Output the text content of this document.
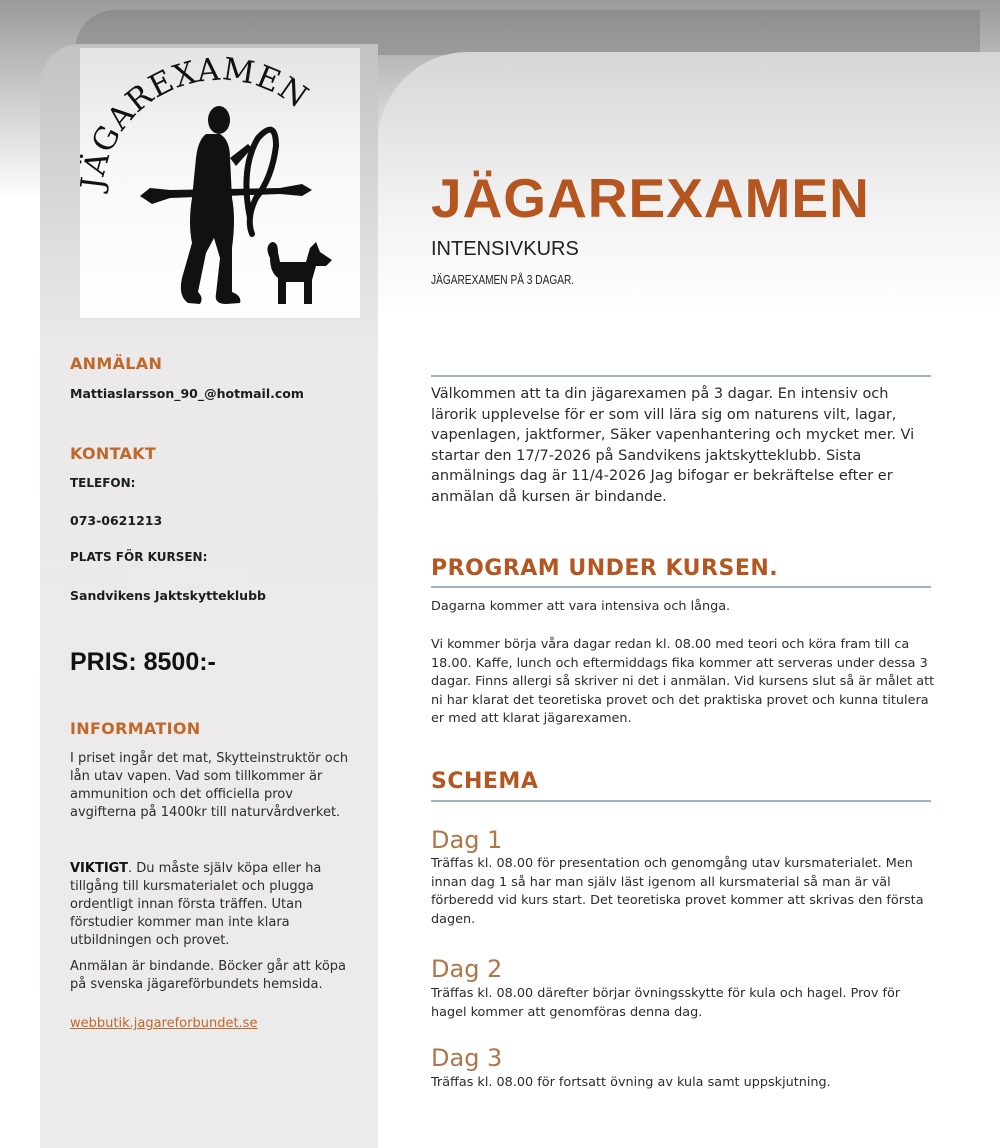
ÄGAREXAMEN
ANMÄLAN
Mattiaslarsson_90_@hotmail.com
KONTAKT
TELEFON:
073-0621213
PLATS FÖR KURSEN:
Sandvikens Jaktskytteklubb
PRIS: 8500:-
INFORMATION
I priset ingår det mat, Skytteinstruktör och lån utav vapen. Vad som tillkommer är ammunition och det officiella prov avgifterna på 1400kr till naturvårdverket.
VIKTIGT. Du måste själv köpa eller ha tillgång till kursmaterialet och plugga ordentligt innan första träffen. Utan förstudier kommer man inte klara utbildningen och provet.
Anmälan är bindande. Böcker går att köpa på svenska jägareförbundets hemsida.
webbutik.jagareforbundet.se
JÄGAREXAMEN
INTENSIVKURS
JÄGAREXAMEN PÅ 3 DAGAR.
Välkommen att ta din jägarexamen på 3 dagar. En intensiv och lärorik upplevelse för er som vill lära sig om naturens vilt, lagar, vapenlagen, jaktformer, Säker vapenhantering och mycket mer. Vi startar den 17/7-2026 på Sandvikens jaktskytteklubb. Sista anmälnings dag är 11/4-2026 Jag bifogar er bekräftelse efter er anmälan då kursen är bindande.
PROGRAM UNDER KURSEN.
Dagarna kommer att vara intensiva och långa.
Vi kommer börja våra dagar redan kl. 08.00 med teori och köra fram till ca 18.00. Kaffe, lunch och eftermiddags fika kommer att serveras under dessa 3 dagar. Finns allergi så skriver ni det i anmälan. Vid kursens slut så är målet att ni har klarat det teoretiska provet och det praktiska provet och kunna titulera er med att klarat jägarexamen.
SCHEMA
Dag 1
Träffas kl. 08.00 för presentation och genomgång utav kursmaterialet. Men innan dag 1 så har man själv läst igenom all kursmaterial så man är väl förberedd vid kurs start. Det teoretiska provet kommer att skrivas den första dagen.
Dag 2
Träffas kl. 08.00 därefter börjar övningsskytte för kula och hagel. Prov för hagel kommer att genomföras denna dag.
Dag 3
Träffas kl. 08.00 för fortsatt övning av kula samt uppskjutning.
